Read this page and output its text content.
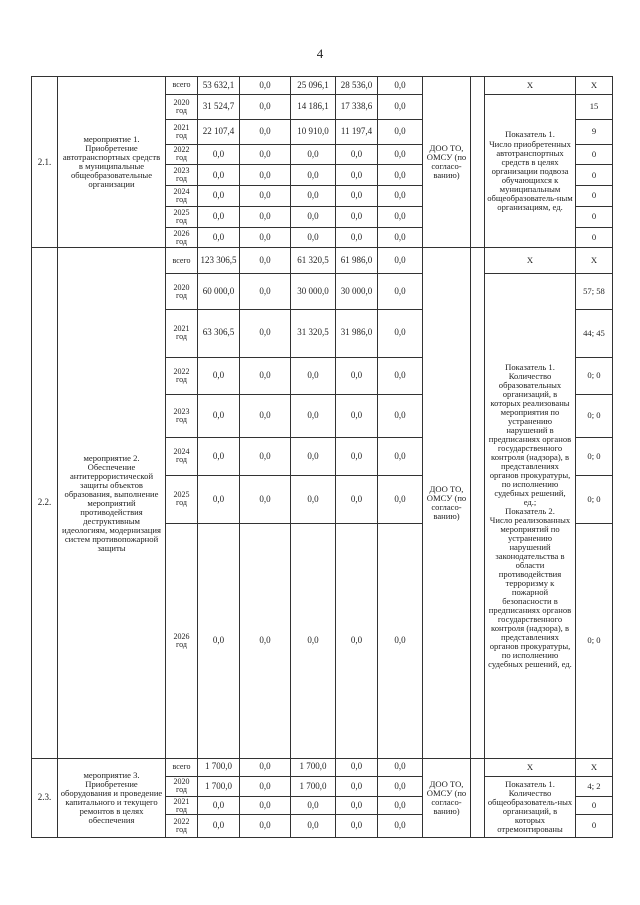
4
2.1.	мероприятие 1.
Приобретение автотранспортных средств
в муниципальные общеобразовательные организации	всего	53 632,1	0,0	25 096,1	28 536,0	0,0	ДОО ТО, ОМСУ (по согласо-ванию)		Х	Х
		2020 год	31 524,7	0,0	14 186,1	17 338,6	0,0			Показатель 1.
Число приобретенных автотранспортных средств в целях организации подвоза обучающихся к муниципальным общеобразователь-ным организациям, ед.	15
		2021 год	22 107,4	0,0	10 910,0	11 197,4	0,0				9
		2022 год	0,0	0,0	0,0	0,0	0,0				0
		2023 год	0,0	0,0	0,0	0,0	0,0				0
		2024 год	0,0	0,0	0,0	0,0	0,0				0
		2025 год	0,0	0,0	0,0	0,0	0,0				0
		2026 год	0,0	0,0	0,0	0,0	0,0				0
2.2.	мероприятие 2.
Обеспечение антитеррористической защиты объектов образования, выполнение мероприятий противодействия деструктивным идеологиям, модернизация систем противопожарной защиты	всего	123 306,5	0,0	61 320,5	61 986,0	0,0	ДОО ТО, ОМСУ (по согласо-ванию)		Х	Х
		2020 год	60 000,0	0,0	30 000,0	30 000,0	0,0			Показатель 1.
Количество образовательных организаций, в которых реализованы мероприятия по устранению нарушений в предписаниях органов государственного контроля (надзора), в представлениях органов прокуратуры, по исполнению судебных решений, ед.;
Показатель 2.
Число реализованных мероприятий по устранению нарушений законодательства в области противодействия терроризму к пожарной безопасности в предписаниях органов государственного контроля (надзора), в представлениях органов прокуратуры, по исполнению судебных решений, ед.	57; 58
		2021 год	63 306,5	0,0	31 320,5	31 986,0	0,0				44; 45
		2022 год	0,0	0,0	0,0	0,0	0,0				0; 0
		2023 год	0,0	0,0	0,0	0,0	0,0				0; 0
		2024 год	0,0	0,0	0,0	0,0	0,0				0; 0
		2025 год	0,0	0,0	0,0	0,0	0,0				0; 0
		2026 год	0,0	0,0	0,0	0,0	0,0				0; 0
2.3.	мероприятие 3.
Приобретение оборудования и проведение капитального и текущего ремонтов в целях обеспечения	всего	1 700,0	0,0	1 700,0	0,0	0,0	ДОО ТО, ОМСУ (по согласо-ванию)		Х	Х
		2020 год	1 700,0	0,0	1 700,0	0,0	0,0			Показатель 1.
Количество общеобразователь-ных организаций, в которых отремонтированы	4; 2
		2021 год	0,0	0,0	0,0	0,0	0,0				0
		2022 год	0,0	0,0	0,0	0,0	0,0				0
